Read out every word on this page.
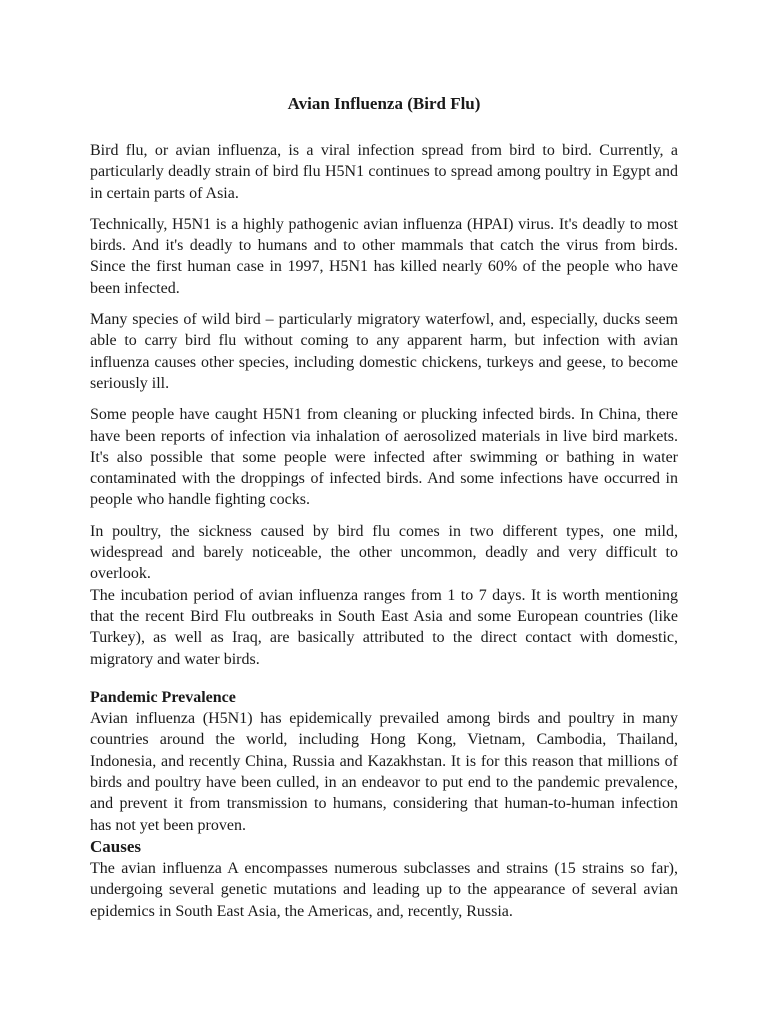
Avian Influenza (Bird Flu)

Bird flu, or avian influenza, is a viral infection spread from bird to bird. Currently, a particularly deadly strain of bird flu H5N1 continues to spread among poultry in Egypt and in certain parts of Asia.

Technically, H5N1 is a highly pathogenic avian influenza (HPAI) virus. It's deadly to most birds. And it's deadly to humans and to other mammals that catch the virus from birds. Since the first human case in 1997, H5N1 has killed nearly 60% of the people who have been infected.

Many species of wild bird – particularly migratory waterfowl, and, especially, ducks seem able to carry bird flu without coming to any apparent harm, but infection with avian influenza causes other species, including domestic chickens, turkeys and geese, to become seriously ill.

Some people have caught H5N1 from cleaning or plucking infected birds. In China, there have been reports of infection via inhalation of aerosolized materials in live bird markets. It's also possible that some people were infected after swimming or bathing in water contaminated with the droppings of infected birds. And some infections have occurred in people who handle fighting cocks.

In poultry, the sickness caused by bird flu comes in two different types, one mild, widespread and barely noticeable, the other uncommon, deadly and very difficult to overlook.

The incubation period of avian influenza ranges from 1 to 7 days. It is worth mentioning that the recent Bird Flu outbreaks in South East Asia and some European countries (like Turkey), as well as Iraq, are basically attributed to the direct contact with domestic, migratory and water birds.

Pandemic Prevalence

Avian influenza (H5N1) has epidemically prevailed among birds and poultry in many countries around the world, including Hong Kong, Vietnam, Cambodia, Thailand, Indonesia, and recently China, Russia and Kazakhstan. It is for this reason that millions of birds and poultry have been culled, in an endeavor to put end to the pandemic prevalence, and prevent it from transmission to humans, considering that human-to-human infection has not yet been proven.

Causes

The avian influenza A encompasses numerous subclasses and strains (15 strains so far), undergoing several genetic mutations and leading up to the appearance of several avian epidemics in South East Asia, the Americas, and, recently, Russia.
